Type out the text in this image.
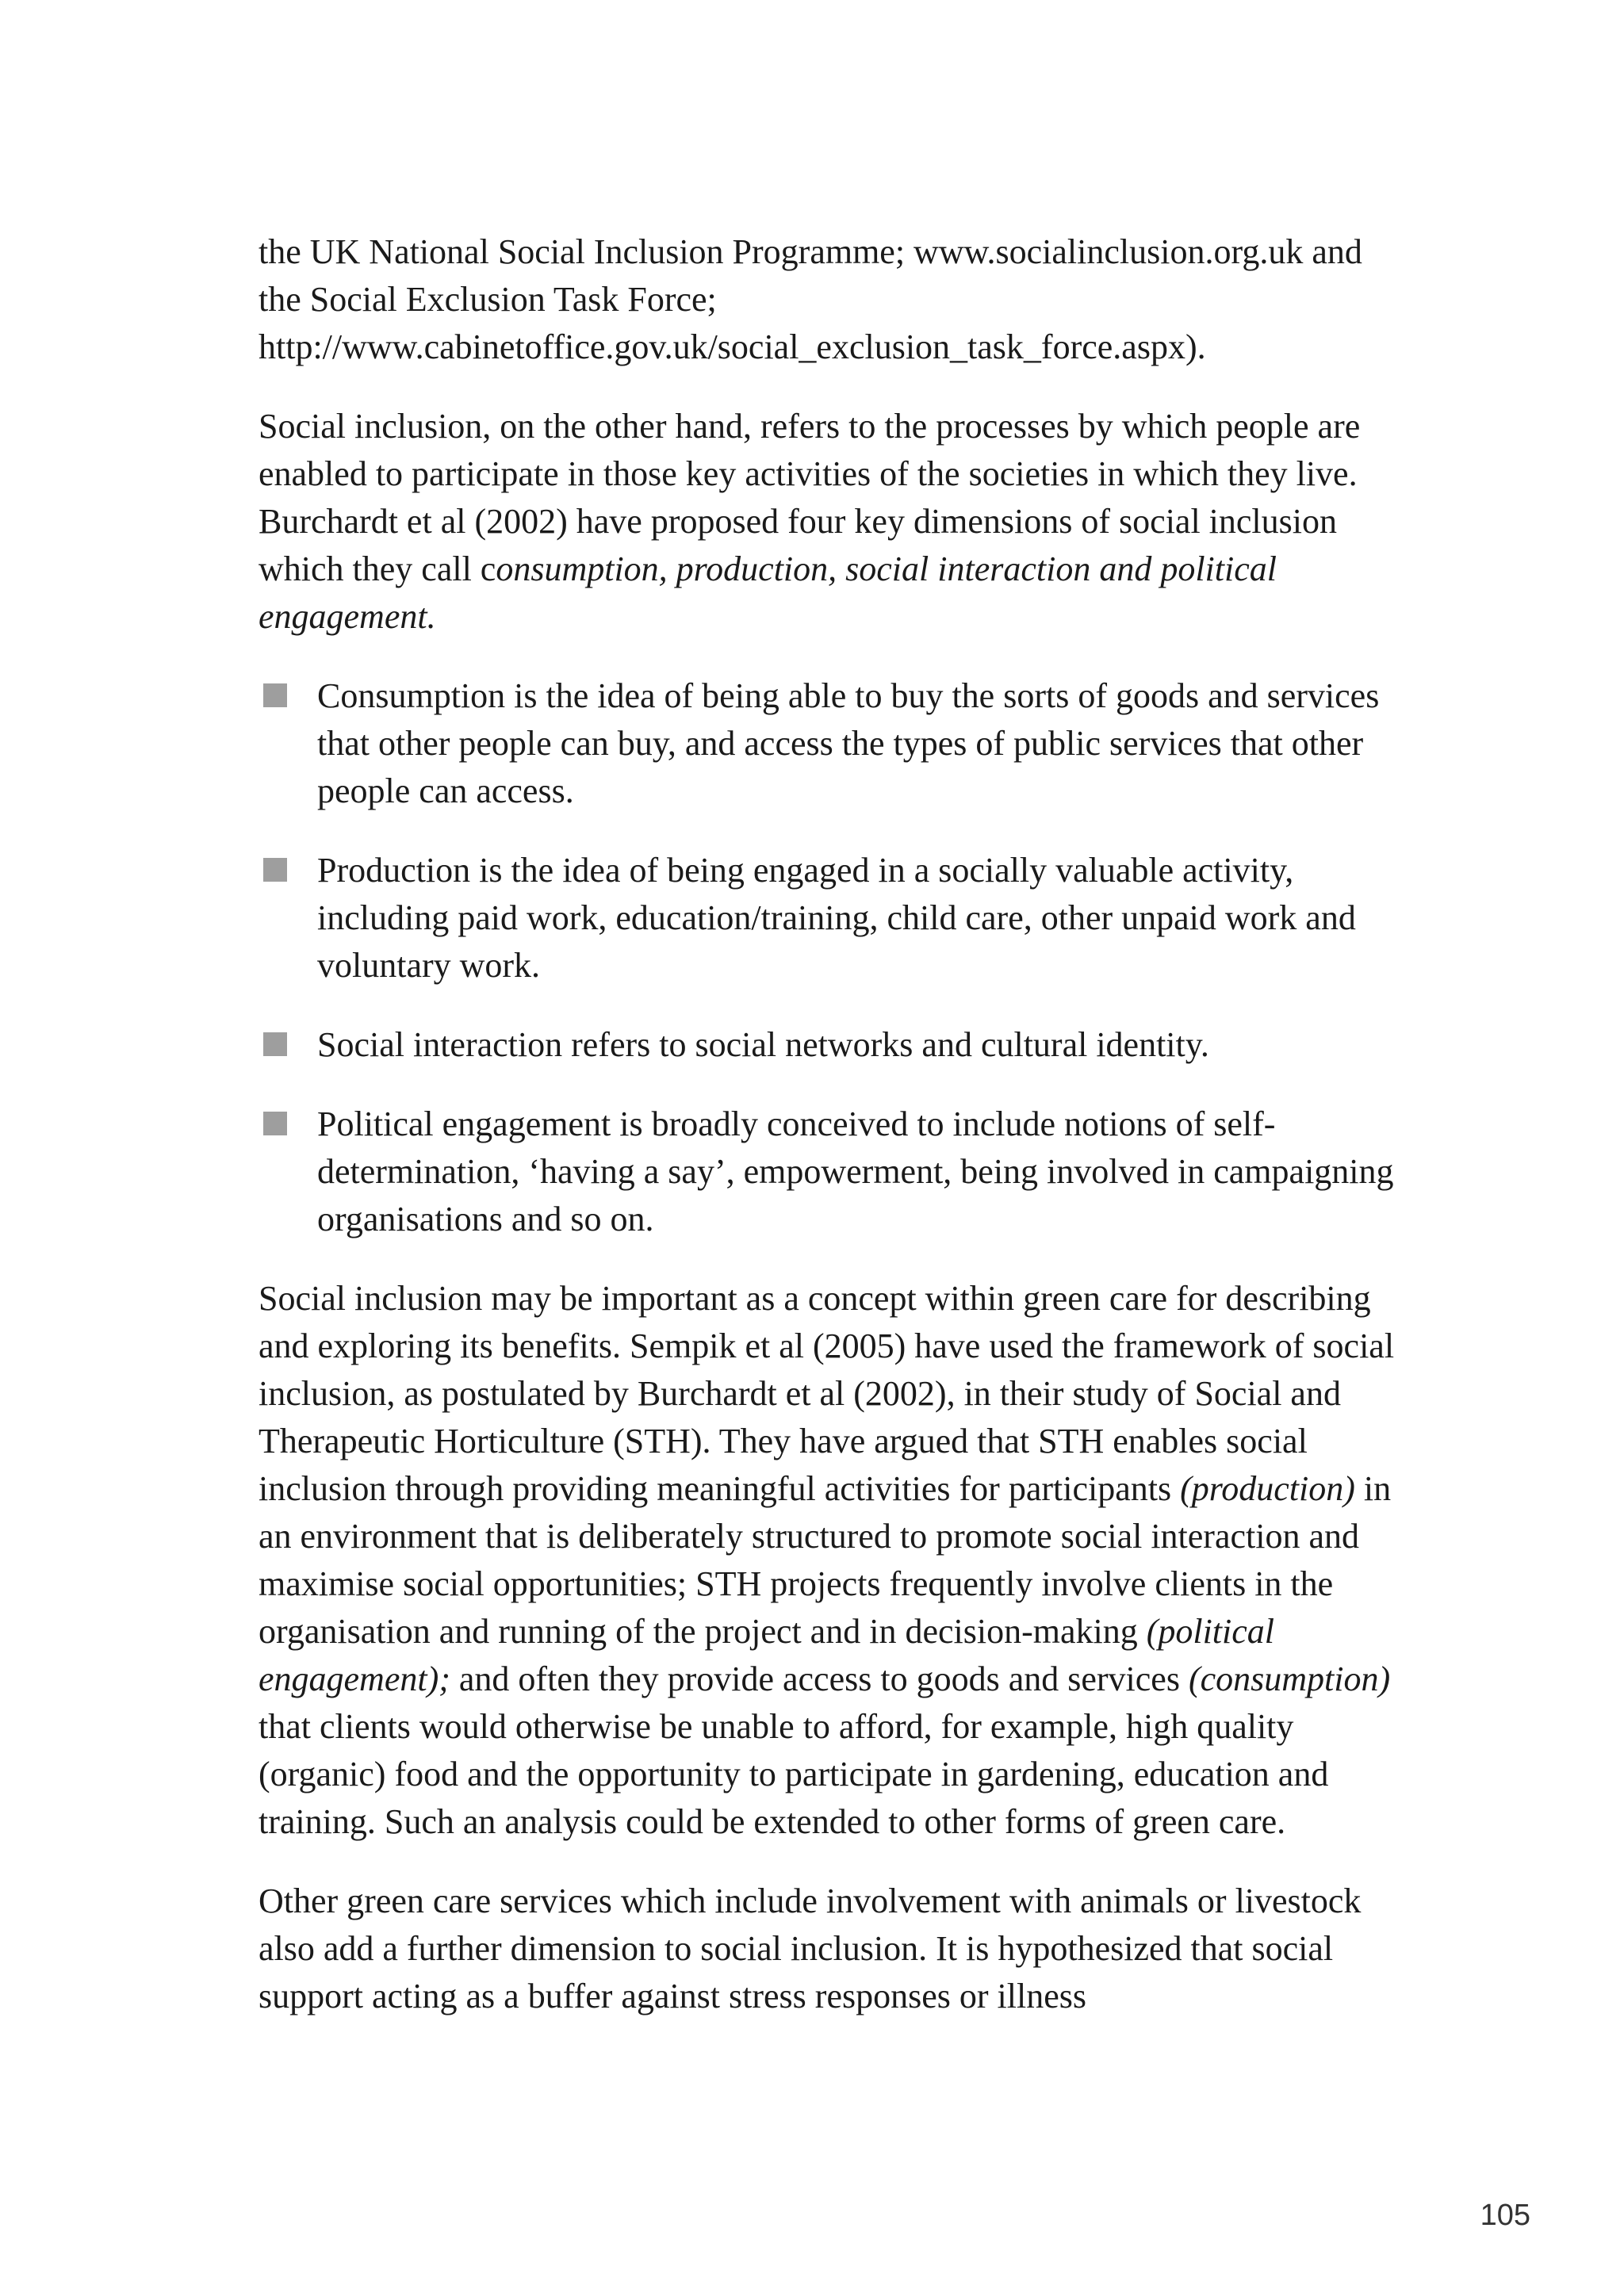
the UK National Social Inclusion Programme; www.socialinclusion.org.uk and the Social Exclusion Task Force; http://www.cabinetoffice.gov.uk/social_exclusion_task_force.aspx).

Social inclusion, on the other hand, refers to the processes by which people are enabled to participate in those key activities of the societies in which they live. Burchardt et al (2002) have proposed four key dimensions of social inclusion which they call consumption, production, social interaction and political engagement.

Consumption is the idea of being able to buy the sorts of goods and services that other people can buy, and access the types of public services that other people can access.
Production is the idea of being engaged in a socially valuable activity, including paid work, education/training, child care, other unpaid work and voluntary work.
Social interaction refers to social networks and cultural identity.
Political engagement is broadly conceived to include notions of self-determination, ‘having a say’, empowerment, being involved in campaigning organisations and so on.

Social inclusion may be important as a concept within green care for describing and exploring its benefits. Sempik et al (2005) have used the framework of social inclusion, as postulated by Burchardt et al (2002), in their study of Social and Therapeutic Horticulture (STH). They have argued that STH enables social inclusion through providing meaningful activities for participants (production) in an environment that is deliberately structured to promote social interaction and maximise social opportunities; STH projects frequently involve clients in the organisation and running of the project and in decision-making (political engagement); and often they provide access to goods and services (consumption) that clients would otherwise be unable to afford, for example, high quality (organic) food and the opportunity to participate in gardening, education and training. Such an analysis could be extended to other forms of green care.

Other green care services which include involvement with animals or livestock also add a further dimension to social inclusion. It is hypothesized that social support acting as a buffer against stress responses or illness

105
